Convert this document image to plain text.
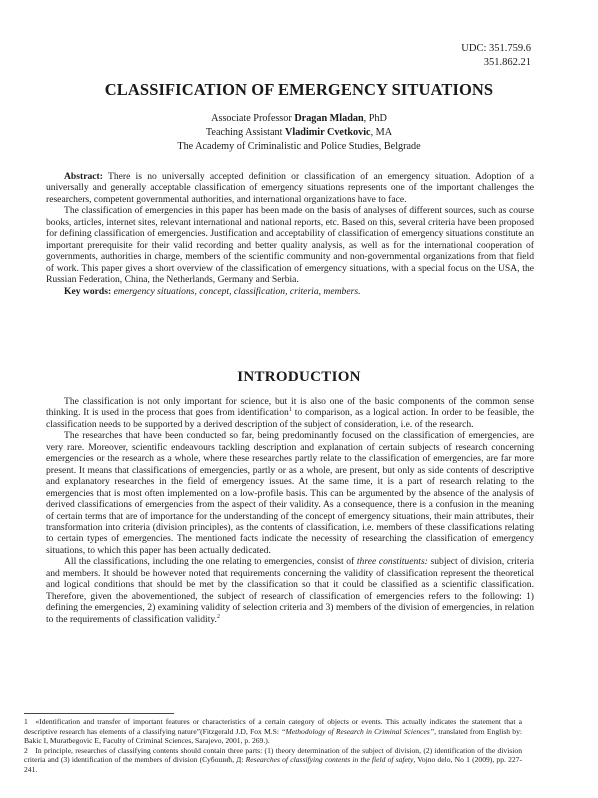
UDC: 351.759.6
351.862.21
CLASSIFICATION OF EMERGENCY SITUATIONS
Associate Professor Dragan Mladan, PhD
Teaching Assistant Vladimir Cvetkovic, MA
The Academy of Criminalistic and Police Studies, Belgrade

Abstract: There is no universally accepted definition or classification of an emergency situation. Adoption of a universally and generally acceptable classification of emergency situations represents one of the important challenges the researchers, competent governmental authorities, and international organizations have to face.

The classification of emergencies in this paper has been made on the basis of analyses of different sources, such as course books, articles, internet sites, relevant international and national reports, etc. Based on this, several criteria have been proposed for defining classification of emergencies. Justification and acceptability of classification of emergency situations constitute an important prerequisite for their valid recording and better quality analysis, as well as for the international cooperation of governments, authorities in charge, members of the scientific community and non-governmental organizations from that field of work. This paper gives a short overview of the classification of emergency situations, with a special focus on the USA, the Russian Federation, China, the Netherlands, Germany and Serbia.

Key words: emergency situations, concept, classification, criteria, members.

INTRODUCTION

The classification is not only important for science, but it is also one of the basic components of the common sense thinking. It is used in the process that goes from identification$^1$ to comparison, as a logical action. In order to be feasible, the classification needs to be supported by a derived description of the subject of consideration, i.e. of the research.

The researches that have been conducted so far, being predominantly focused on the classification of emergencies, are very rare. Moreover, scientific endeavours tackling description and explanation of certain subjects of research concerning emergencies or the research as a whole, where these researches partly relate to the classification of emergencies, are far more present. It means that classifications of emergencies, partly or as a whole, are present, but only as side contents of descriptive and explanatory researches in the field of emergency issues. At the same time, it is a part of research relating to the emergencies that is most often implemented on a low-profile basis. This can be argumented by the absence of the analysis of derived classifications of emergencies from the aspect of their validity. As a consequence, there is a confusion in the meaning of certain terms that are of importance for the understanding of the concept of emergency situations, their main attributes, their transformation into criteria (division principles), as the contents of classification, i.e. members of these classifications relating to certain types of emergencies. The mentioned facts indicate the necessity of researching the classification of emergency situations, to which this paper has been actually dedicated.

All the classifications, including the one relating to emergencies, consist of three constituents: subject of division, criteria and members. It should be however noted that requirements concerning the validity of classification represent the theoretical and logical conditions that should be met by the classification so that it could be classified as a scientific classification. Therefore, given the abovementioned, the subject of research of classification of emergencies refers to the following: 1) defining the emergencies, 2) examining validity of selection criteria and 3) members of the division of emergencies, in relation to the requirements of classification validity.$^2$

1 «Identification and transfer of important features or characteristics of a certain category of objects or events. This actually indicates the statement that a descriptive research has elements of a classifying nature”(Fitzgerald J.D, Fox M.S: “Methodology of Research in Criminal Sciences”, translated from English by: Bakic I, Muratbegovic E, Faculty of Criminal Sciences, Sarajevo, 2001, p. 269.).

2 In principle, researches of classifying contents should contain three parts: (1) theory determination of the subject of division, (2) identification of the division criteria and (3) identification of the members of division (Субошић, Д: Researches of classifying contents in the field of safety, Vojno delo, No 1 (2009), pp. 227-241.
